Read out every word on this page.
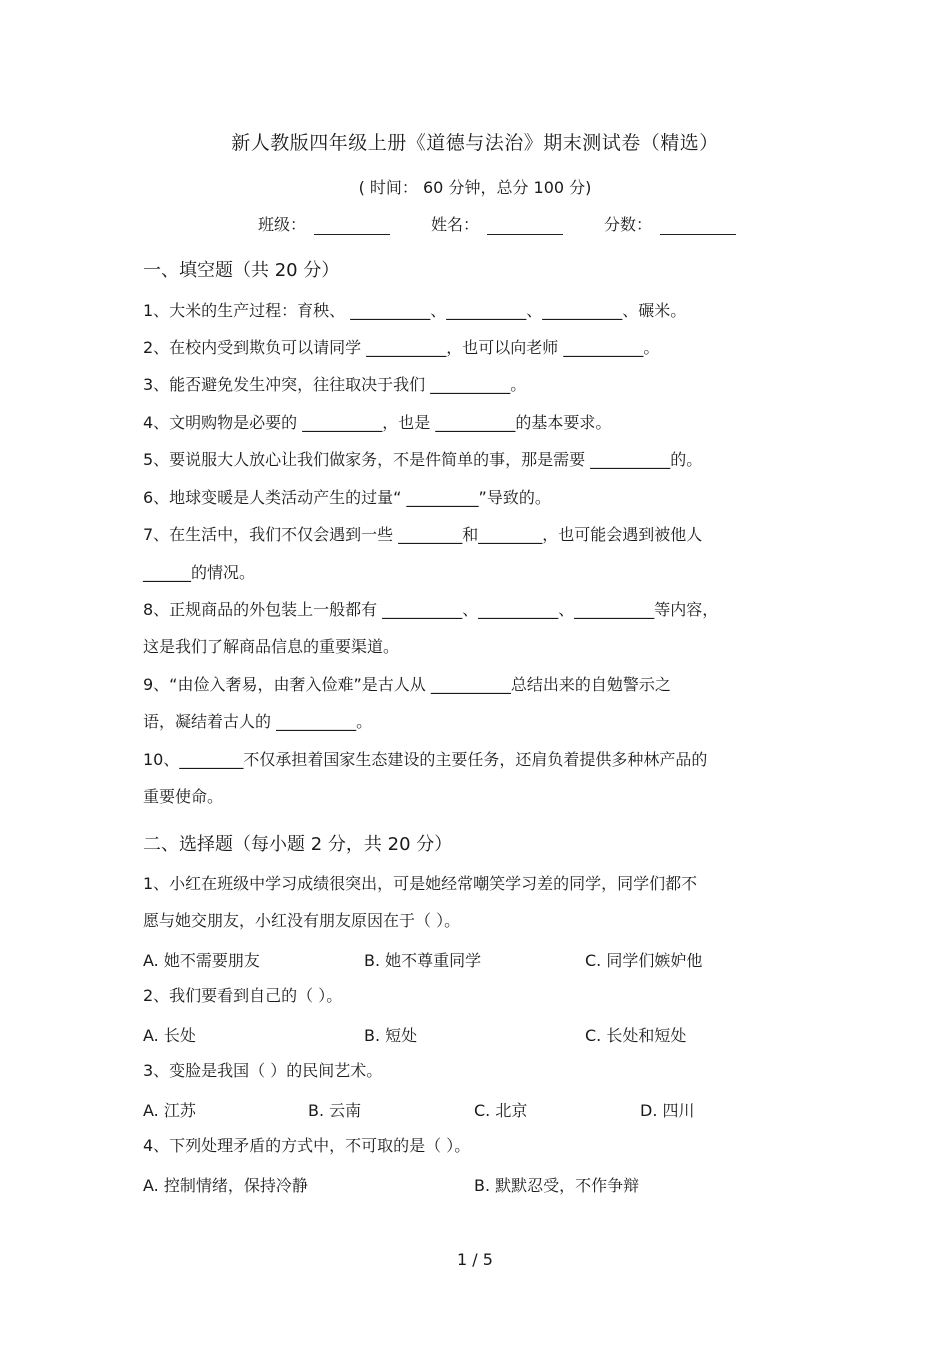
新人教版四年级上册《道德与法治》期末测试卷（精选）
( 时间： 60 分钟，总分 100 分)
班级：	姓名：	分数：
一、填空题（共 20 分）
1、大米的生产过程：育秧、 __________、__________、__________、碾米。
2、在校内受到欺负可以请同学 __________，也可以向老师 __________。
3、能否避免发生冲突，往往取决于我们 __________。
4、文明购物是必要的 __________，也是 __________的基本要求。
5、要说服大人放心让我们做家务，不是件简单的事，那是需要 __________的。
6、地球变暖是人类活动产生的过量“ _________”导致的。
7、在生活中，我们不仅会遇到一些 ________和________，也可能会遇到被他人
______的情况。
8、正规商品的外包装上一般都有 __________、__________、__________等内容，
这是我们了解商品信息的重要渠道。
9、“由俭入奢易，由奢入俭难”是古人从 __________总结出来的自勉警示之
语，凝结着古人的 __________。
10、________不仅承担着国家生态建设的主要任务，还肩负着提供多种林产品的
重要使命。
二、选择题（每小题 2 分，共 20 分）
1、小红在班级中学习成绩很突出，可是她经常嘲笑学习差的同学，同学们都不
愿与她交朋友，小红没有朋友原因在于（ ）。
A. 她不需要朋友	B. 她不尊重同学	C. 同学们嫉妒他
2、我们要看到自己的（ ）。
A. 长处	B. 短处	C. 长处和短处
3、变脸是我国（ ）的民间艺术。
A. 江苏	B. 云南	C. 北京	D. 四川
4、下列处理矛盾的方式中，不可取的是（ ）。
A. 控制情绪，保持冷静	B. 默默忍受，不作争辩
1 / 5
